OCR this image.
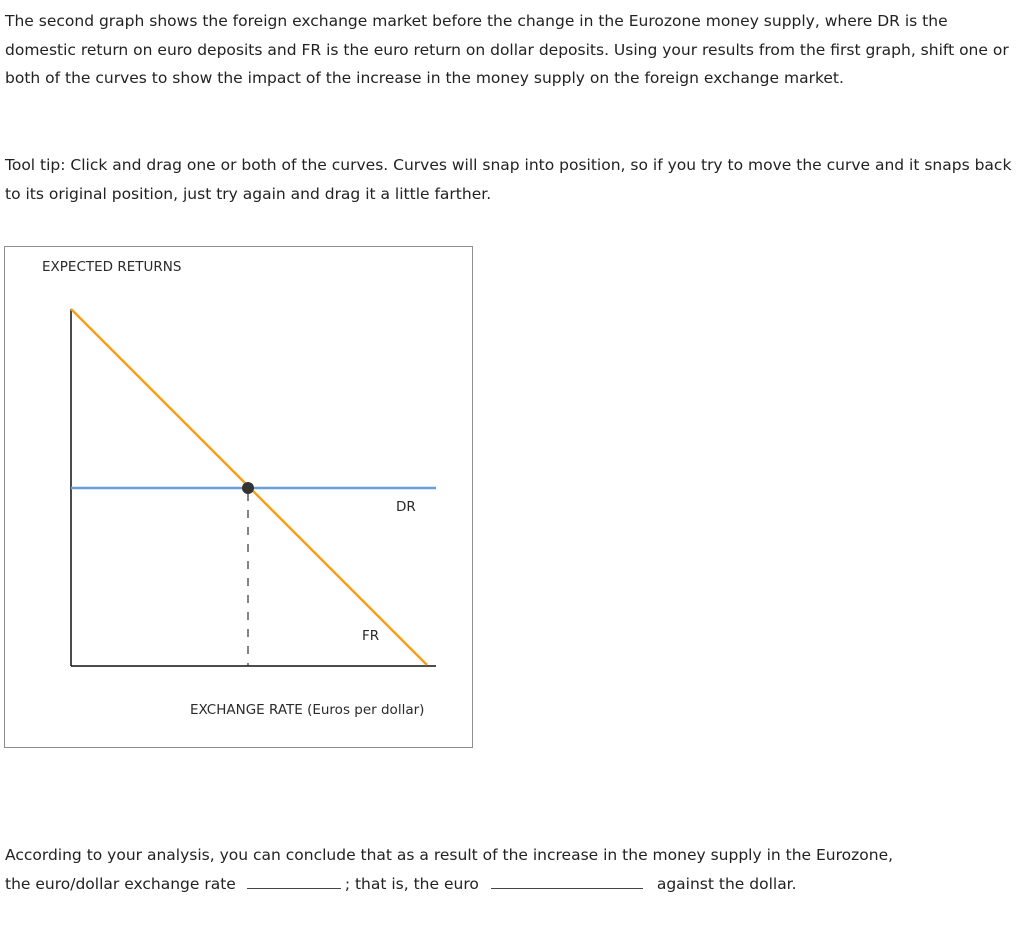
The second graph shows the foreign exchange market before the change in the Eurozone money supply, where DR is the domestic return on euro deposits and FR is the euro return on dollar deposits. Using your results from the first graph, shift one or both of the curves to show the impact of the increase in the money supply on the foreign exchange market.

Tool tip: Click and drag one or both of the curves. Curves will snap into position, so if you try to move the curve and it snaps back to its original position, just try again and drag it a little farther.

EXPECTED RETURNS
DR
FR
EXCHANGE RATE (Euros per dollar)
According to your analysis, you can conclude that as a result of the increase in the money supply in the Eurozone,
the euro/dollar exchange rate	; that is, the euro	against the dollar.
